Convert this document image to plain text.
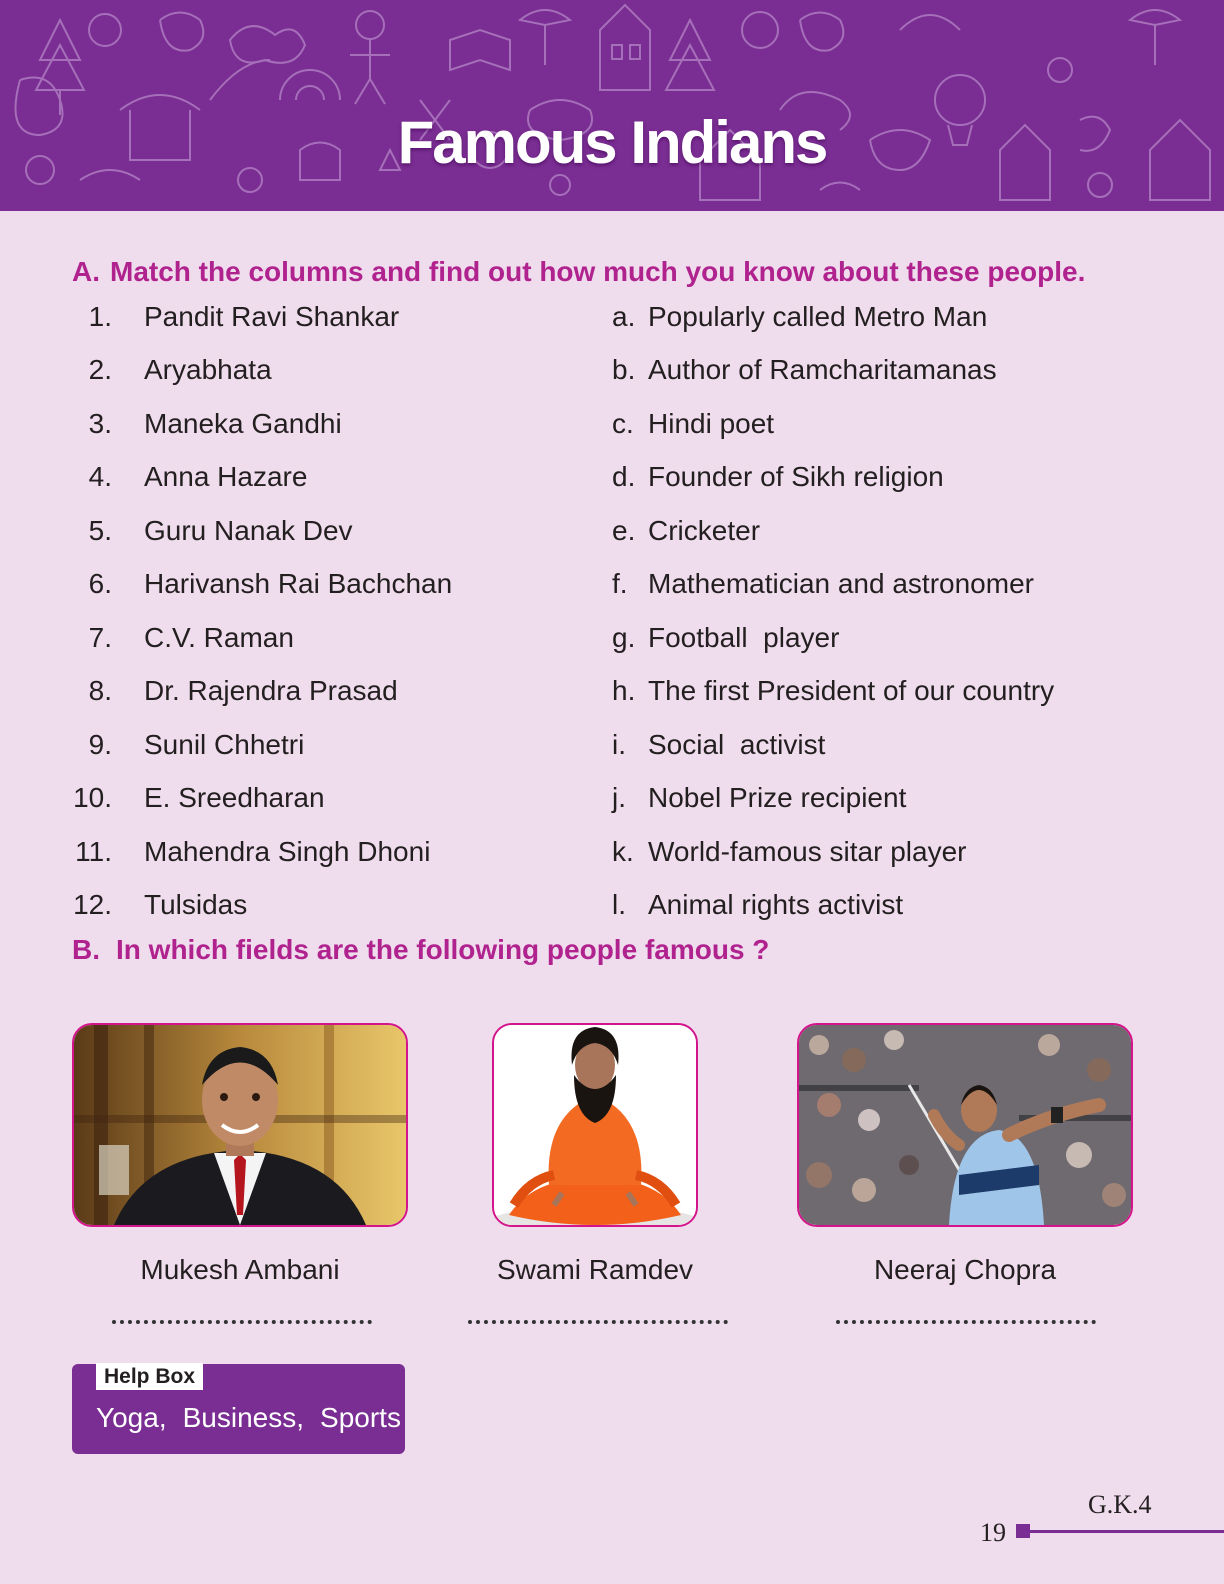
Famous Indians
A. Match the columns and find out how much you know about these people.
1. Pandit Ravi Shankar
2. Aryabhata
3. Maneka Gandhi
4. Anna Hazare
5. Guru Nanak Dev
6. Harivansh Rai Bachchan
7. C.V. Raman
8. Dr. Rajendra Prasad
9. Sunil Chhetri
10. E. Sreedharan
11. Mahendra Singh Dhoni
12. Tulsidas
a. Popularly called Metro Man
b. Author of Ramcharitamanas
c. Hindi poet
d. Founder of Sikh religion
e. Cricketer
f. Mathematician and astronomer
g. Football  player
h. The first President of our country
i. Social  activist
j. Nobel Prize recipient
k. World-famous sitar player
l. Animal rights activist
B. In which fields are the following people famous ?
Mukesh Ambani	Swami Ramdev	Neeraj Chopra
Help Box
Yoga, Business, Sports
G.K.4
19
